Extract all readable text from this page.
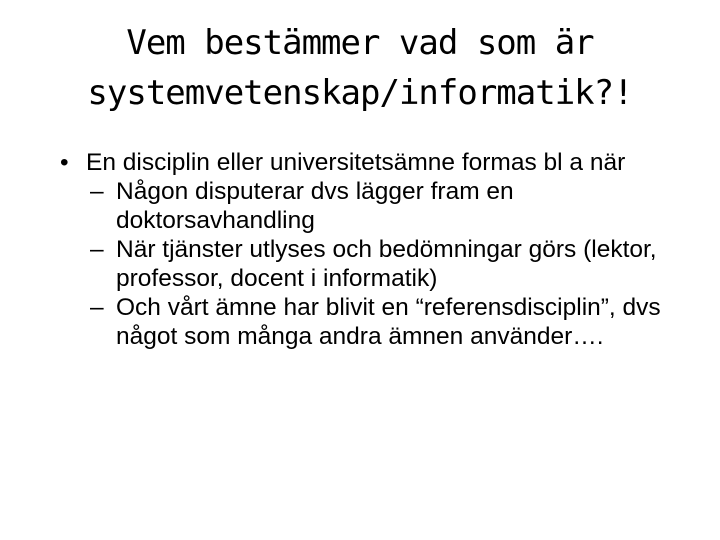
Vem bestämmer vad som är
systemvetenskap/informatik?!
• En disciplin eller universitetsämne formas bl a när
– Någon disputerar dvs lägger fram en doktorsavhandling
– När tjänster utlyses och bedömningar görs (lektor, professor, docent i informatik)
– Och vårt ämne har blivit en “referensdisciplin”, dvs något som många andra ämnen använder….
